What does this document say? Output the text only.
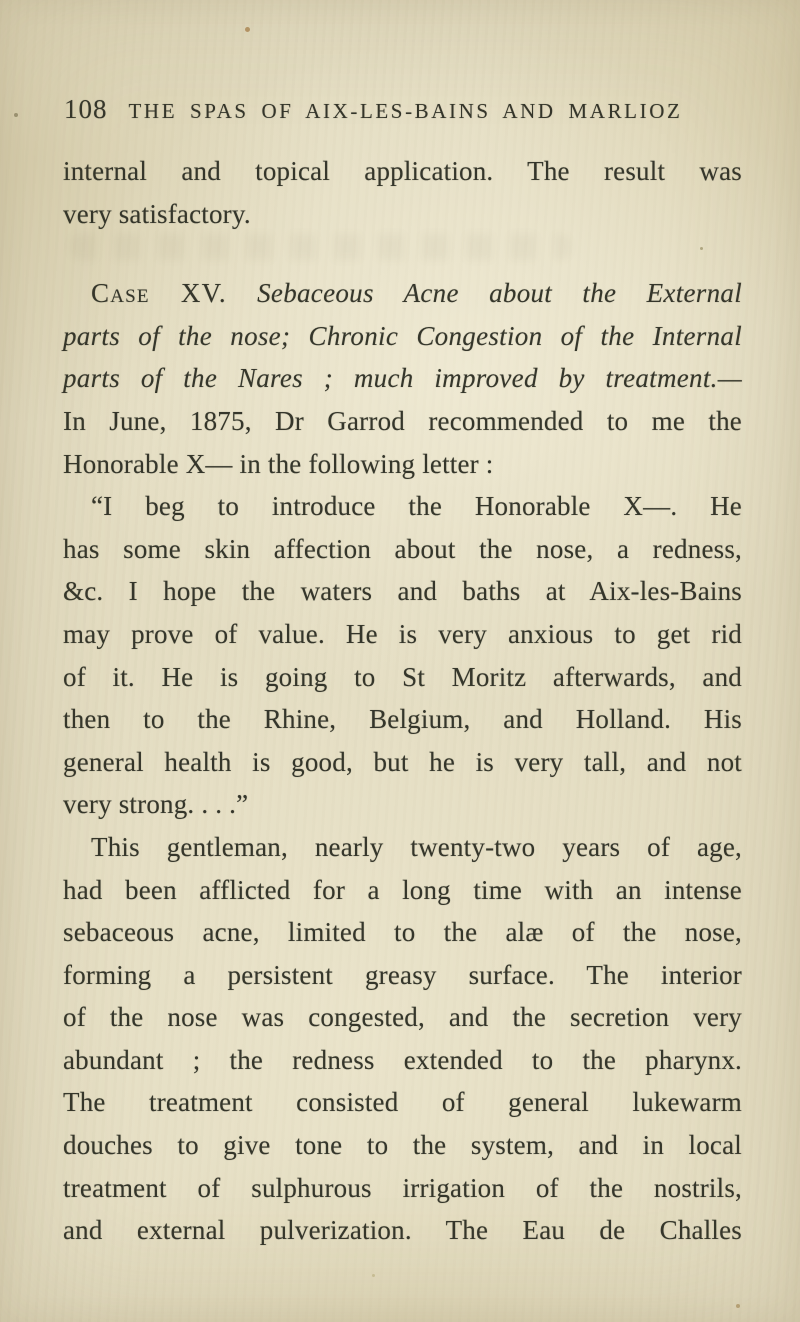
108 THE SPAS OF AIX-LES-BAINS AND MARLIOZ
internal and topical application. The result was
very satisfactory.
Case XV. Sebaceous Acne about the External
parts of the nose; Chronic Congestion of the Internal
parts of the Nares ; much improved by treatment.—
In June, 1875, Dr Garrod recommended to me the
Honorable X— in the following letter :
“I beg to introduce the Honorable X—. He
has some skin affection about the nose, a redness,
&c. I hope the waters and baths at Aix-les-Bains
may prove of value. He is very anxious to get rid
of it. He is going to St Moritz afterwards, and
then to the Rhine, Belgium, and Holland. His
general health is good, but he is very tall, and not
very strong. . . .”
This gentleman, nearly twenty-two years of age,
had been afflicted for a long time with an intense
sebaceous acne, limited to the alæ of the nose,
forming a persistent greasy surface. The interior
of the nose was congested, and the secretion very
abundant ; the redness extended to the pharynx.
The treatment consisted of general lukewarm
douches to give tone to the system, and in local
treatment of sulphurous irrigation of the nostrils,
and external pulverization. The Eau de Challes
